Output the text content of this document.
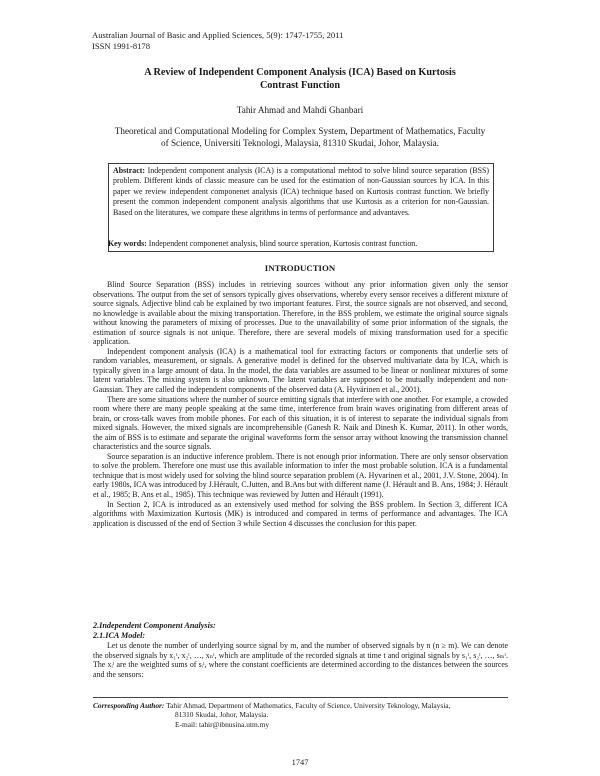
Australian Journal of Basic and Applied Sciences, 5(9): 1747-1755, 2011
ISSN 1991-8178
A Review of Independent Component Analysis (ICA) Based on Kurtosis
Contrast Function
Tahir Ahmad and Mahdi Ghanbari
Theoretical and Computational Modeling for Complex System, Department of Mathematics, Faculty
of Science, Universiti Teknologi, Malaysia, 81310 Skudai, Johor, Malaysia.
Abstract: Independent component analysis (ICA) is a computational mehtod to solve blind source separation (BSS) problem. Different kinds of classic measure can be used for the estimation of non-Gaussian sources by ICA. In this paper we review independent componenet analysis (ICA) technique based on Kurtosis contrast function. We briefly present the common independent component analysis algorithms that use Kurtosis as a criterion for non-Gaussian. Based on the literatures, we compare these algrithms in terms of performance and advantaves.
Key words: Independent componenet analysis, blind source speration, Kurtosis contrast function.
INTRODUCTION

Blind Source Separation (BSS) includes in retrieving sources without any prior information given only the sensor observations. The output from the set of sensors typically gives observations, whereby every sensor receives a different mixture of source signals. Adjective blind cab be explained by two important features. First, the source signals are not observed, and second, no knowledge is available about the mixing transportation. Therefore, in the BSS problem, we estimate the original source signals without knowing the parameters of mixing of processes. Due to the unavailability of some prior information of the signals, the estimation of source signals is not unique. Therefore, there are several models of mixing transformation used for a specific application.

Independent component analysis (ICA) is a mathematical tool for extracting factors or components that underlie sets of random variables, measurement, or signals. A generative model is defined for the observed multivariate data by ICA, which is typically given in a large amount of data. In the model, the data variables are assumed to be linear or nonlinear mixtures of some latent variables. The mixing system is also unknown. The latent variables are supposed to be mutually independent and non-Gaussian. They are called the independent components of the observed data (A. Hyvärinen et al., 2001).

There are some situations where the number of source emitting signals that interfere with one another. For example, a crowded room where there are many people speaking at the same time, interference from brain waves originating from different areas of brain, or cross-talk waves from mobile phones. For each of this situation, it is of interest to separate the individual signals from mixed signals. However, the mixed signals are incomprehensible (Ganesh R. Naik and Dinesh K. Kumar, 2011). In other words, the aim of BSS is to estimate and separate the original waveforms form the sensor array without knowing the transmission channel characteristics and the source signals.

Source separation is an inductive inference problem. There is not enough prior information. There are only sensor observation to solve the problem. Therefore one must use this available information to infer the most probable solution. ICA is a fundamental technique that is most widely used for solving the blind source separation problem (A. Hyvarinen et al., 2001, J.V. Stone, 2004). In early 1980s, ICA was introduced by J.Hérault, C.Jutten, and B.Ans but with different name (J. Hérault and B. Ans, 1984; J. Hérault et al., 1985; B. Ans et al., 1985). This technique was reviewed by Jutten and Hérault (1991).

In Section 2, ICA is introduced as an extensively used method for solving the BSS problem. In Section 3, different ICA algorithms with Maximization Kurtosis (MK) is introduced and compared in terms of performance and advantages. The ICA application is discussed of the end of Section 3 while Section 4 discusses the conclusion for this paper.

2.Independent Component Analysis:
2.1.ICA Model:

Let us denote the number of underlying source signal by m, and the number of observed signals by n (n ≥ m). We can denote the observed signals by x₁ᵗ, x₂ᵗ, …, xₙᵗ, which are amplitude of the recorded signals at time t and original signals by s₁ᵗ, s₂ᵗ, …, sₘᵗ. The xᵢᵗ are the weighted sums of sᵢᵗ, where the constant coefficients are determined according to the distances between the sources and the sensors:

Corresponding Author: Tahir Ahmad, Department of Mathematics, Faculty of Science, University Teknology, Malaysia,
81310 Skudai, Johor, Malaysia.
E-mail: tahir@ibnusina.utm.my
1747
